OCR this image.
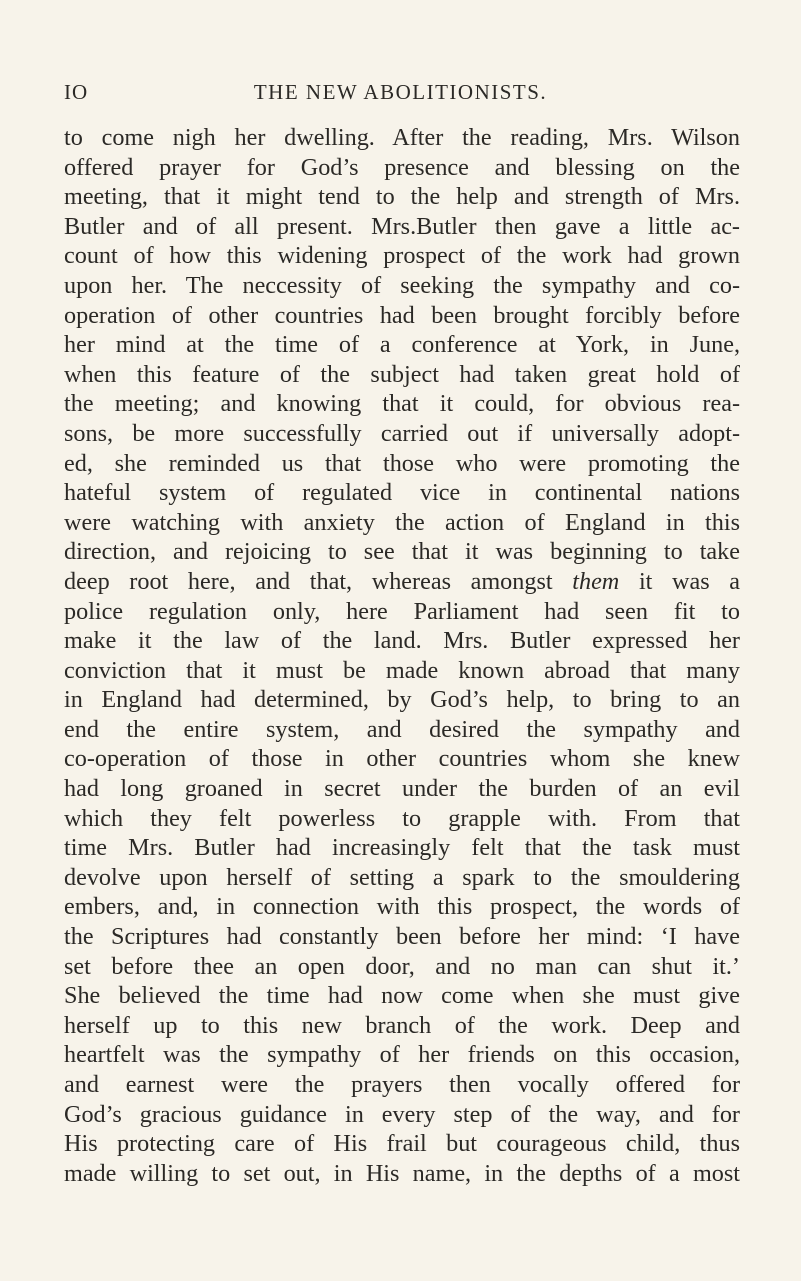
IO	THE NEW ABOLITIONISTS.
to come nigh her dwelling. After the reading, Mrs. Wilson
offered prayer for God’s presence and blessing on the
meeting, that it might tend to the help and strength of Mrs.
Butler and of all present. Mrs.Butler then gave a little ac-
count of how this widening prospect of the work had grown
upon her. The neccessity of seeking the sympathy and co-
operation of other countries had been brought forcibly before
her mind at the time of a conference at York, in June,
when this feature of the subject had taken great hold of
the meeting; and knowing that it could, for obvious rea-
sons, be more successfully carried out if universally adopt-
ed, she reminded us that those who were promoting the
hateful system of regulated vice in continental nations
were watching with anxiety the action of England in this
direction, and rejoicing to see that it was beginning to take
deep root here, and that, whereas amongst them it was a
police regulation only, here Parliament had seen fit to
make it the law of the land. Mrs. Butler expressed her
conviction that it must be made known abroad that many
in England had determined, by God’s help, to bring to an
end the entire system, and desired the sympathy and
co-operation of those in other countries whom she knew
had long groaned in secret under the burden of an evil
which they felt powerless to grapple with. From that
time Mrs. Butler had increasingly felt that the task must
devolve upon herself of setting a spark to the smouldering
embers, and, in connection with this prospect, the words of
the Scriptures had constantly been before her mind: ‘I have
set before thee an open door, and no man can shut it.’
She believed the time had now come when she must give
herself up to this new branch of the work. Deep and
heartfelt was the sympathy of her friends on this occasion,
and earnest were the prayers then vocally offered for
God’s gracious guidance in every step of the way, and for
His protecting care of His frail but courageous child, thus
made willing to set out, in His name, in the depths of a most
